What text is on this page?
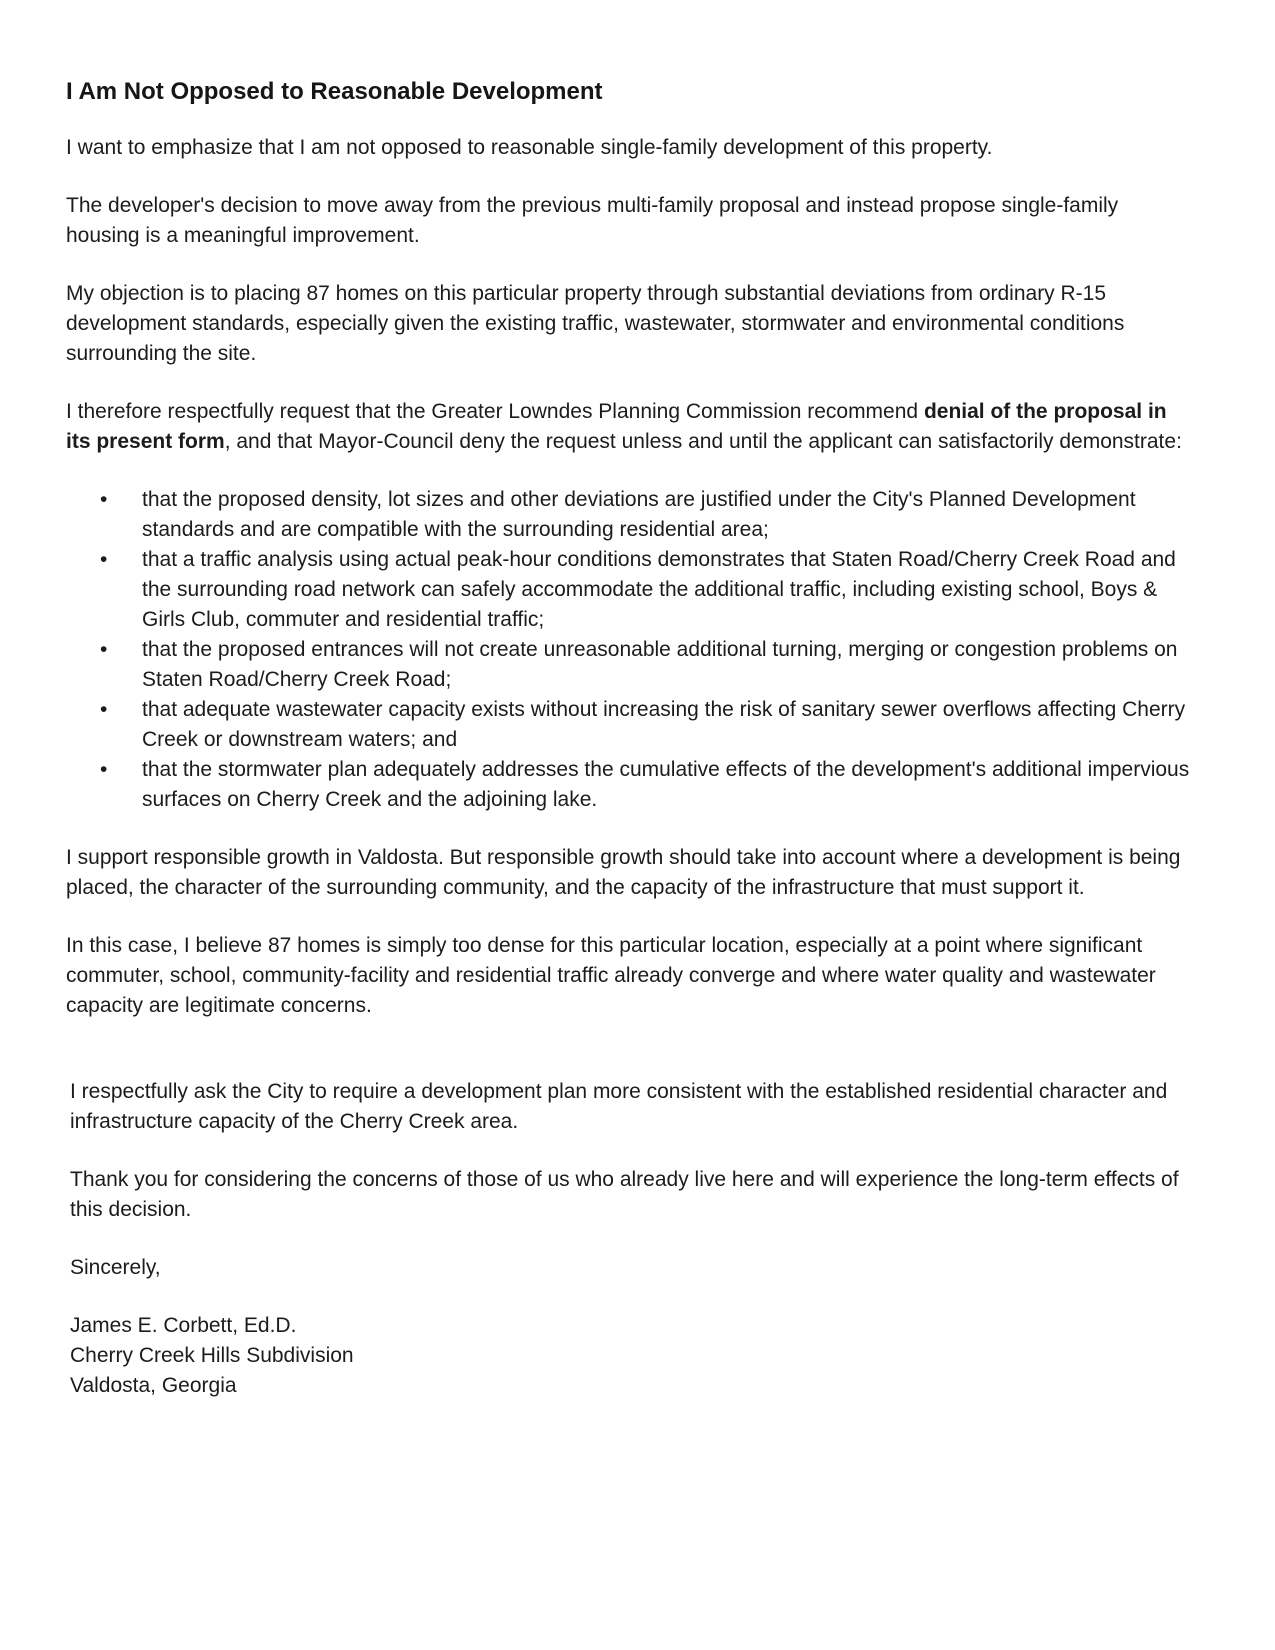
I Am Not Opposed to Reasonable Development

I want to emphasize that I am not opposed to reasonable single-family development of this property.

The developer's decision to move away from the previous multi-family proposal and instead propose single-family housing is a meaningful improvement.

My objection is to placing 87 homes on this particular property through substantial deviations from ordinary R-15 development standards, especially given the existing traffic, wastewater, stormwater and environmental conditions surrounding the site.

I therefore respectfully request that the Greater Lowndes Planning Commission recommend denial of the proposal in its present form, and that Mayor-Council deny the request unless and until the applicant can satisfactorily demonstrate:

• that the proposed density, lot sizes and other deviations are justified under the City's Planned Development standards and are compatible with the surrounding residential area;
• that a traffic analysis using actual peak-hour conditions demonstrates that Staten Road/Cherry Creek Road and the surrounding road network can safely accommodate the additional traffic, including existing school, Boys & Girls Club, commuter and residential traffic;
• that the proposed entrances will not create unreasonable additional turning, merging or congestion problems on Staten Road/Cherry Creek Road;
• that adequate wastewater capacity exists without increasing the risk of sanitary sewer overflows affecting Cherry Creek or downstream waters; and
• that the stormwater plan adequately addresses the cumulative effects of the development's additional impervious surfaces on Cherry Creek and the adjoining lake.

I support responsible growth in Valdosta. But responsible growth should take into account where a development is being placed, the character of the surrounding community, and the capacity of the infrastructure that must support it.

In this case, I believe 87 homes is simply too dense for this particular location, especially at a point where significant commuter, school, community-facility and residential traffic already converge and where water quality and wastewater capacity are legitimate concerns.

I respectfully ask the City to require a development plan more consistent with the established residential character and infrastructure capacity of the Cherry Creek area.

Thank you for considering the concerns of those of us who already live here and will experience the long-term effects of this decision.

Sincerely,

James E. Corbett, Ed.D.

Cherry Creek Hills Subdivision

Valdosta, Georgia
